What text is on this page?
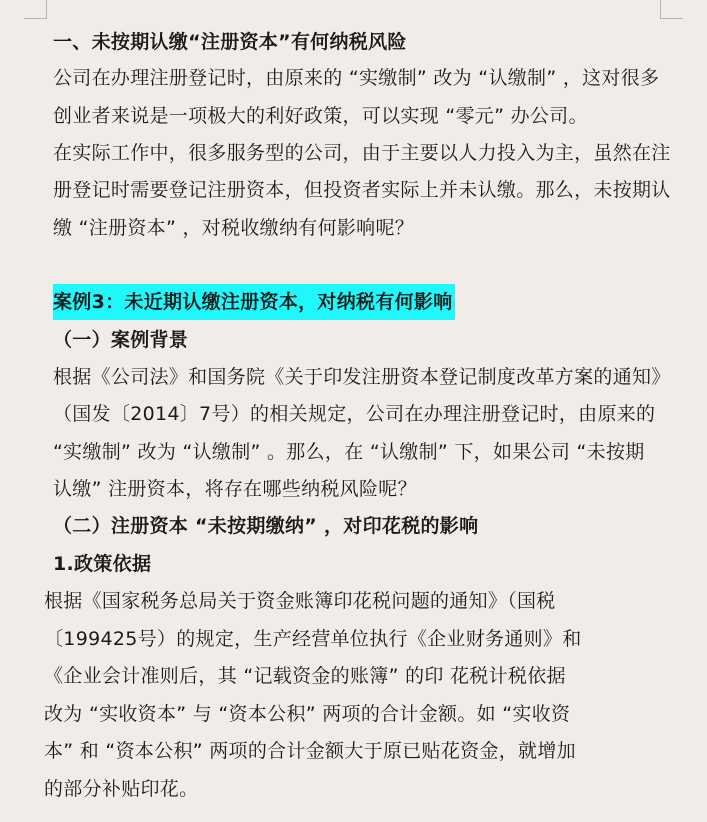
一、未按期认缴“注册资本”有何纳税风险

公司在办理注册登记时，由原来的 “实缴制” 改为 “认缴制” ，这对很多

创业者来说是一项极大的利好政策，可以实现 “零元” 办公司。

在实际工作中，很多服务型的公司，由于主要以人力投入为主，虽然在注

册登记时需要登记注册资本，但投资者实际上并未认缴。那么，未按期认

缴 “注册资本” ，对税收缴纳有何影响呢？

案例3：未近期认缴注册资本，对纳税有何影响

（一）案例背景

根据《公司法》和国务院《关于印发注册资本登记制度改革方案的通知》

（国发〔2014〕7号）的相关规定，公司在办理注册登记时，由原来的

“实缴制” 改为 “认缴制” 。那么，在 “认缴制” 下，如果公司 “未按期

认缴” 注册资本，将存在哪些纳税风险呢？

（二）注册资本 “未按期缴纳” ，对印花税的影响

1.政策依据

根据《国家税务总局关于资金账簿印花税问题的通知》（国税

〔199425号）的规定，生产经营单位执行《企业财务通则》和

《企业会计准则后，其 “记载资金的账簿” 的印 花税计税依据

改为 “实收资本” 与 “资本公积” 两项的合计金额。如 “实收资

本” 和 “资本公积” 两项的合计金额大于原已贴花资金，就增加

的部分补贴印花。
